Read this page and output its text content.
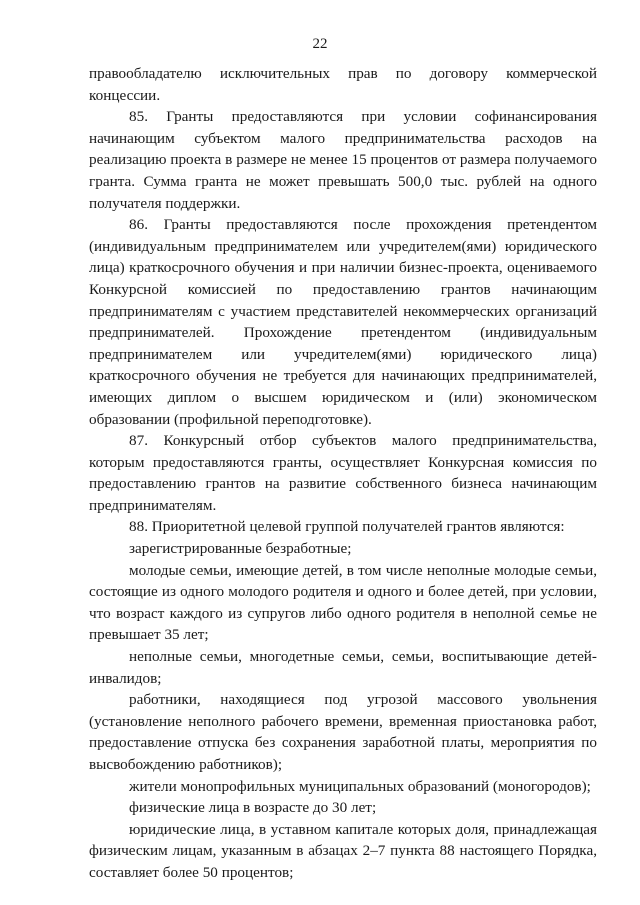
22

правообладателю исключительных прав по договору коммерческой концессии.

85. Гранты предоставляются при условии софинансирования начинающим субъектом малого предпринимательства расходов на реализацию проекта в размере не менее 15 процентов от размера получаемого гранта. Сумма гранта не может превышать 500,0 тыс. рублей на одного получателя поддержки.

86. Гранты предоставляются после прохождения претендентом (индивидуальным предпринимателем или учредителем(ями) юридического лица) краткосрочного обучения и при наличии бизнес-проекта, оцениваемого Конкурсной комиссией по предоставлению грантов начинающим предпринимателям с участием представителей некоммерческих организаций предпринимателей. Прохождение претендентом (индивидуальным предпринимателем или учредителем(ями) юридического лица) краткосрочного обучения не требуется для начинающих предпринимателей, имеющих диплом о высшем юридическом и (или) экономическом образовании (профильной переподготовке).

87. Конкурсный отбор субъектов малого предпринимательства, которым предоставляются гранты, осуществляет Конкурсная комиссия по предоставлению грантов на развитие собственного бизнеса начинающим предпринимателям.

88. Приоритетной целевой группой получателей грантов являются:

зарегистрированные безработные;

молодые семьи, имеющие детей, в том числе неполные молодые семьи, состоящие из одного молодого родителя и одного и более детей, при условии, что возраст каждого из супругов либо одного родителя в неполной семье не превышает 35 лет;

неполные семьи, многодетные семьи, семьи, воспитывающие детей-инвалидов;

работники, находящиеся под угрозой массового увольнения (установление неполного рабочего времени, временная приостановка работ, предоставление отпуска без сохранения заработной платы, мероприятия по высвобождению работников);

жители монопрофильных муниципальных образований (моногородов);

физические лица в возрасте до 30 лет;

юридические лица, в уставном капитале которых доля, принадлежащая физическим лицам, указанным в абзацах 2–7 пункта 88 настоящего Порядка, составляет более 50 процентов;
